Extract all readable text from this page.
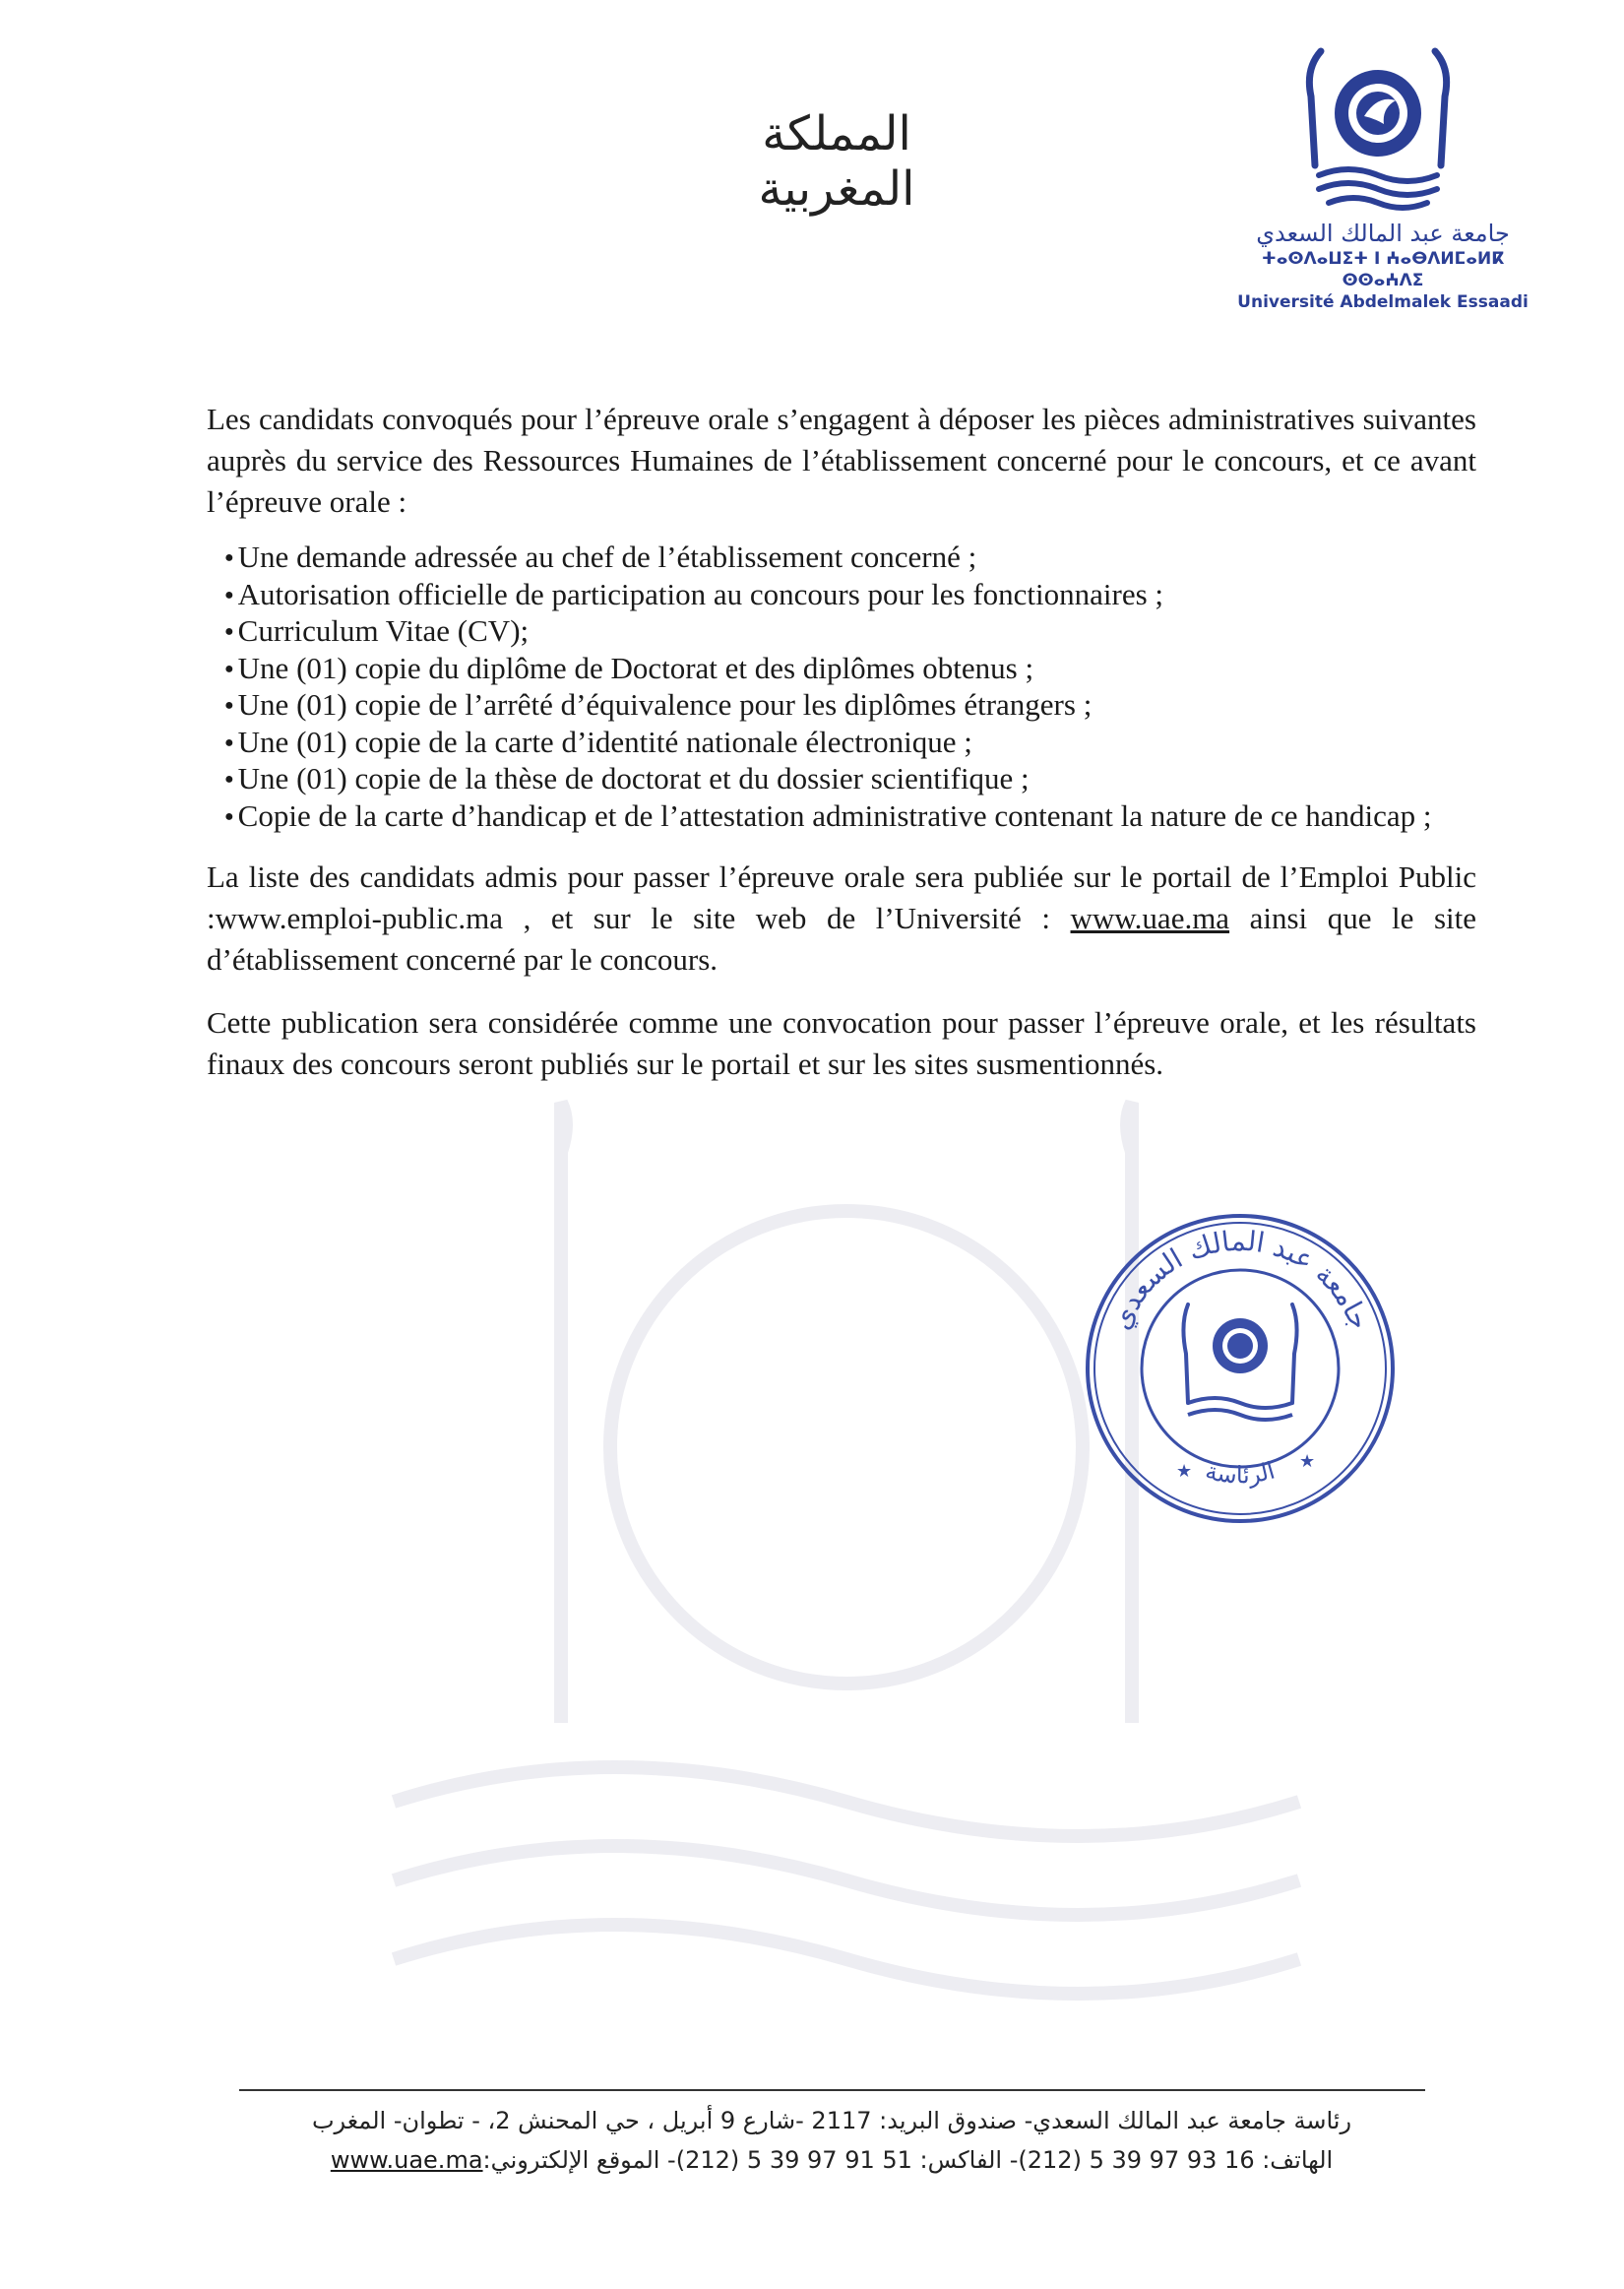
المملكة المغربية
جامعة عبد المالك السعدي
ⵜⴰⵙⴷⴰⵡⵉⵜ ⵏ ⵄⴰⴱⴷⵍⵎⴰⵍⴽ ⵙⵙⴰⵄⴷⵉ
Université Abdelmalek Essaadi

Les candidats convoqués pour l’épreuve orale s’engagent à déposer les pièces administratives suivantes auprès du service des Ressources Humaines de l’établissement concerné pour le concours, et ce avant l’épreuve orale :

● Une demande adressée au chef de l’établissement concerné ;
● Autorisation officielle de participation au concours pour les fonctionnaires ;
● Curriculum Vitae (CV);
● Une (01) copie du diplôme de Doctorat et des diplômes obtenus ;
● Une (01) copie de l’arrêté d’équivalence pour les diplômes étrangers ;
● Une (01) copie de la carte d’identité nationale électronique ;
● Une (01) copie de la thèse de doctorat et du dossier scientifique ;
● Copie de la carte d’handicap et de l’attestation administrative contenant la nature de ce handicap ;

La liste des candidats admis pour passer l’épreuve orale sera publiée sur le portail de l’Emploi Public :www.emploi-public.ma , et sur le site web de l’Université : www.uae.ma ainsi que le site d’établissement concerné par le concours.

Cette publication sera considérée comme une convocation pour passer l’épreuve orale, et les résultats finaux des concours seront publiés sur le portail et sur les sites susmentionnés.

جامعة عبد المالك السعدي
الرئاسة
★	★
رئاسة جامعة عبد المالك السعدي- صندوق البريد: 2117 -شارع 9 أبريل ، حي المحنش 2، - تطوان- المغرب
الهاتف: 16 93 97 39 5 (212)- الفاكس: 51 91 97 39 5 (212)- الموقع الإلكتروني:www.uae.ma
